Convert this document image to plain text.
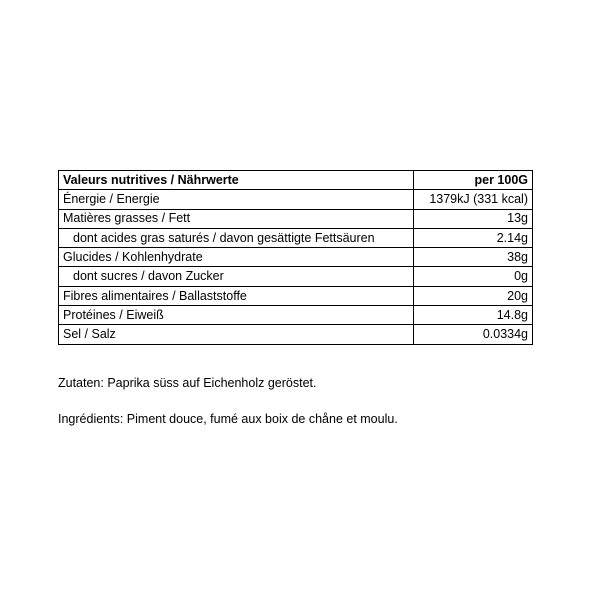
Valeurs nutritives / Nährwerte	per 100G
Énergie / Energie	1379kJ (331 kcal)
Matières grasses / Fett	13g
dont acides gras saturés / davon gesättigte Fettsäuren	2.14g
Glucides / Kohlenhydrate	38g
dont sucres / davon Zucker	0g
Fibres alimentaires / Ballaststoffe	20g
Protéines / Eiweiß	14.8g
Sel / Salz	0.0334g
Zutaten: Paprika süss auf Eichenholz geröstet.
Ingrédients: Piment douce, fumé aux boix de chåne et moulu.
